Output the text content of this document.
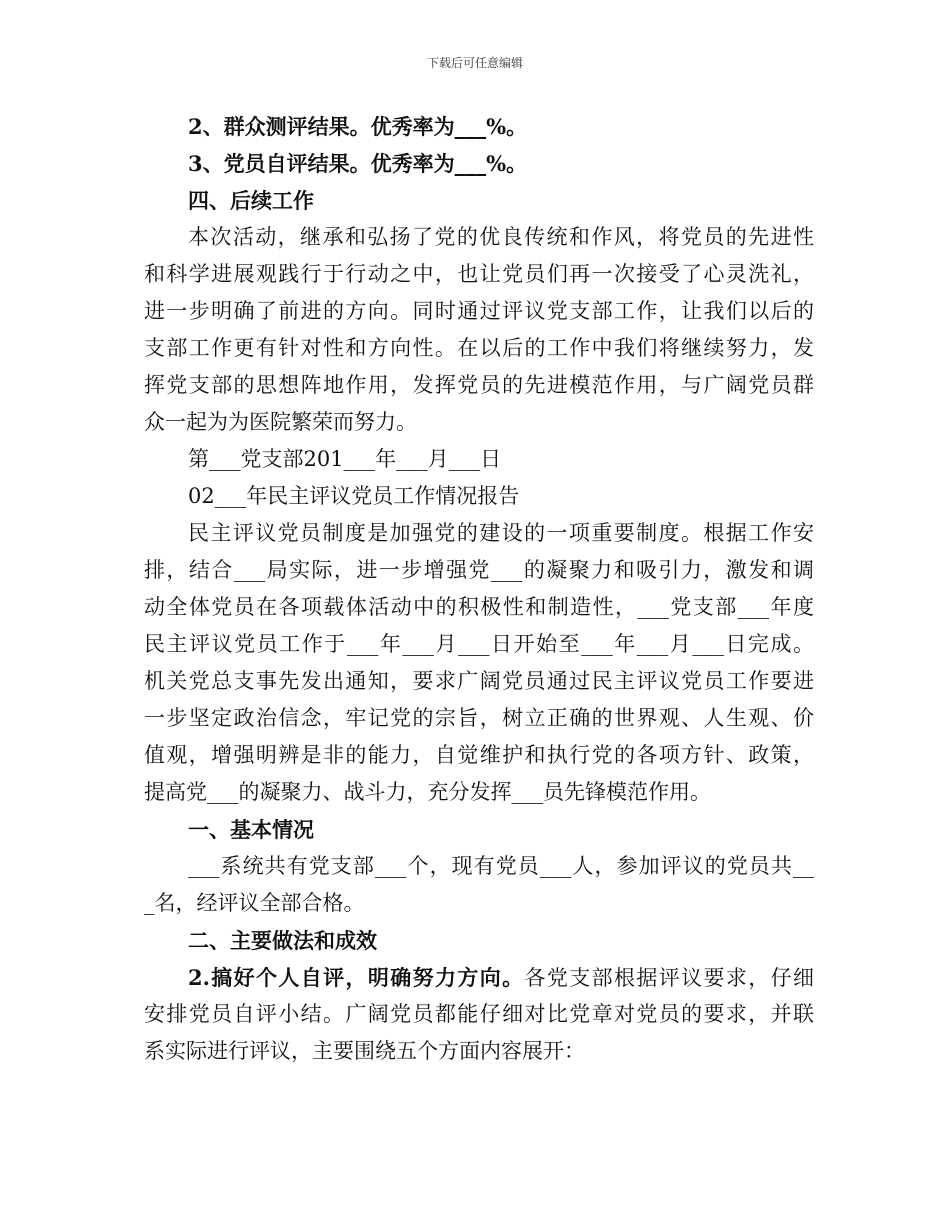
下载后可任意编辑
2、群众测评结果。优秀率为___%。
3、党员自评结果。优秀率为___%。
四、后续工作
本次活动，继承和弘扬了党的优良传统和作风，将党员的先进性
和科学进展观践行于行动之中，也让党员们再一次接受了心灵洗礼，
进一步明确了前进的方向。同时通过评议党支部工作，让我们以后的
支部工作更有针对性和方向性。在以后的工作中我们将继续努力，发
挥党支部的思想阵地作用，发挥党员的先进模范作用，与广阔党员群
众一起为为医院繁荣而努力。
第___党支部201___年___月___日
02___年民主评议党员工作情况报告
民主评议党员制度是加强党的建设的一项重要制度。根据工作安
排，结合___局实际，进一步增强党___的凝聚力和吸引力，激发和调
动全体党员在各项载体活动中的积极性和制造性，___党支部___年度
民主评议党员工作于___年___月___日开始至___年___月___日完成。
机关党总支事先发出通知，要求广阔党员通过民主评议党员工作要进
一步坚定政治信念，牢记党的宗旨，树立正确的世界观、人生观、价
值观，增强明辨是非的能力，自觉维护和执行党的各项方针、政策，
提高党___的凝聚力、战斗力，充分发挥___员先锋模范作用。
一、基本情况
___系统共有党支部___个，现有党员___人，参加评议的党员共__
_名，经评议全部合格。
二、主要做法和成效
2.搞好个人自评，明确努力方向。各党支部根据评议要求，仔细
安排党员自评小结。广阔党员都能仔细对比党章对党员的要求，并联
系实际进行评议，主要围绕五个方面内容展开：
